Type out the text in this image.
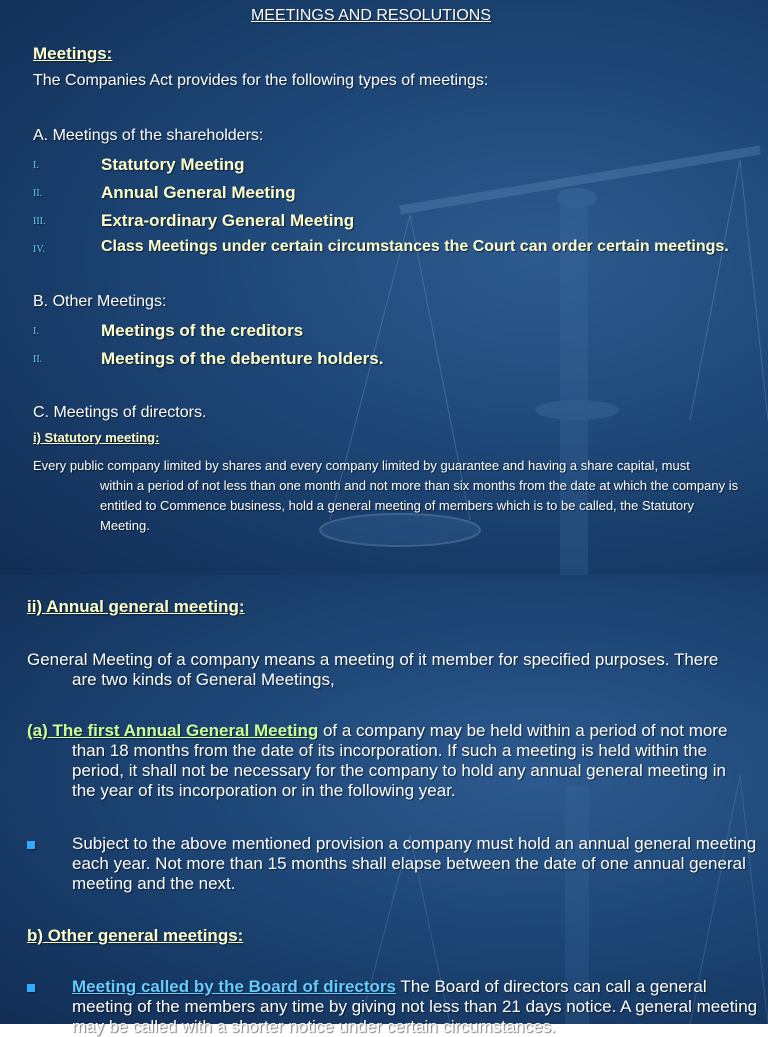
MEETINGS AND RESOLUTIONS

Meetings:

The Companies Act provides for the following types of meetings:

A. Meetings of the shareholders:

I.	Statutory Meeting
II.	Annual General Meeting
III.	Extra-ordinary General Meeting
IV.	Class Meetings under certain circumstances the Court can order certain meetings.

B. Other Meetings:

I.	Meetings of the creditors
II.	Meetings of the debenture holders.

C. Meetings of directors.

i) Statutory meeting:

Every public company limited by shares and every company limited by guarantee and having a share capital, must
within a period of not less than one month and not more than six months from the date at which the company is entitled to Commence business, hold a general meeting of members which is to be called, the Statutory Meeting.

ii) Annual general meeting:

General Meeting of a company means a meeting of it member for specified purposes. There
are two kinds of General Meetings,
(a) The first Annual General Meeting of a company may be held within a period of not more
than 18 months from the date of its incorporation. If such a meeting is held within the period, it shall not be necessary for the company to hold any annual general meeting in the year of its incorporation or in the following year.
Subject to the above mentioned provision a company must hold an annual general meeting each year. Not more than 15 months shall elapse between the date of one annual general meeting and the next.

b) Other general meetings:

Meeting called by the Board of directors The Board of directors can call a general meeting of the members any time by giving not less than 21 days notice. A general meeting may be called with a shorter notice under certain circumstances.
